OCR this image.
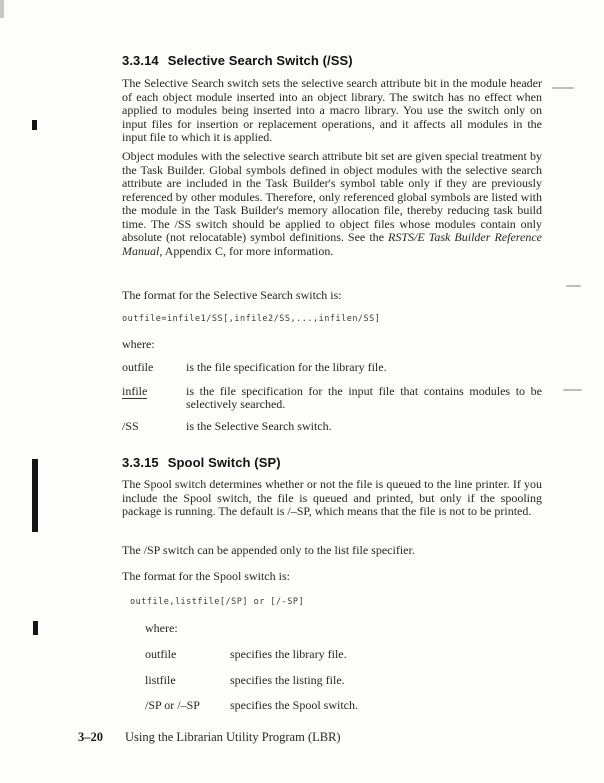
3.3.14 Selective Search Switch (/SS)

The Selective Search switch sets the selective search attribute bit in the module header of each object module inserted into an object library. The switch has no effect when applied to modules being inserted into a macro library. You use the switch only on input files for insertion or replacement operations, and it affects all modules in the input file to which it is applied.

Object modules with the selective search attribute bit set are given special treatment by the Task Builder. Global symbols defined in object modules with the selective search attribute are included in the Task Builder's symbol table only if they are previously referenced by other modules. Therefore, only referenced global symbols are listed with the module in the Task Builder's memory allocation file, thereby reducing task build time. The /SS switch should be applied to object files whose modules contain only absolute (not relocatable) symbol definitions. See the RSTS/E Task Builder Reference Manual, Appendix C, for more information.

The format for the Selective Search switch is:

outfile=infile1/SS[,infile2/SS,...,infilen/SS]
where:
outfile	is the file specification for the library file.
infile	is the file specification for the input file that contains modules to be selectively searched.
/SS	is the Selective Search switch.
3.3.15 Spool Switch (SP)

The Spool switch determines whether or not the file is queued to the line printer. If you include the Spool switch, the file is queued and printed, but only if the spooling package is running. The default is /–SP, which means that the file is not to be printed.

The /SP switch can be appended only to the list file specifier.

The format for the Spool switch is:

outfile,listfile[/SP] or [/-SP]
where:
outfile	specifies the library file.
listfile	specifies the listing file.
/SP or /–SP	specifies the Spool switch.
3–20 Using the Librarian Utility Program (LBR)
